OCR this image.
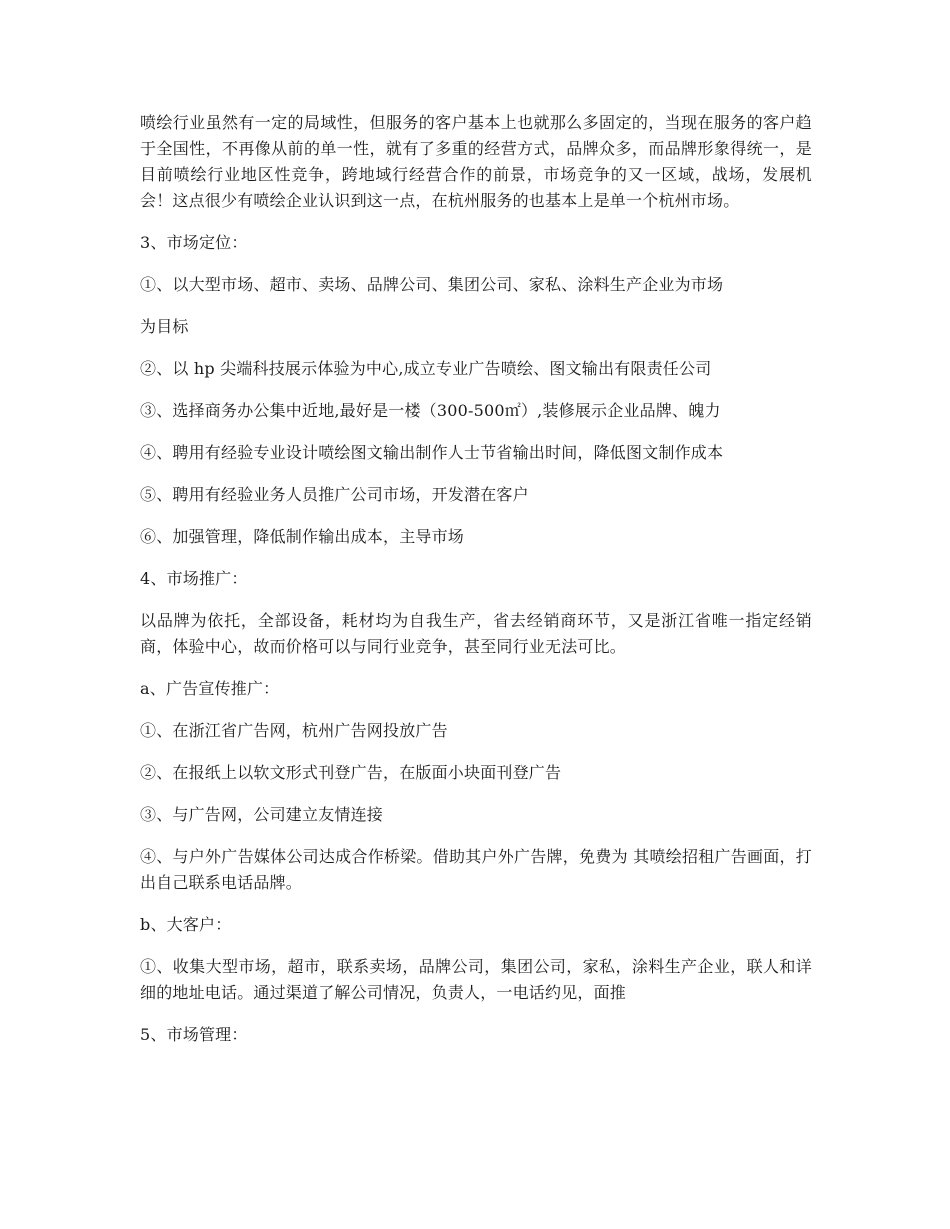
喷绘行业虽然有一定的局域性，但服务的客户基本上也就那么多固定的，当现在服务的客户趋于全国性，不再像从前的单一性，就有了多重的经营方式，品牌众多，而品牌形象得统一，是目前喷绘行业地区性竞争，跨地域行经营合作的前景，市场竞争的又一区域，战场，发展机会！这点很少有喷绘企业认识到这一点，在杭州服务的也基本上是单一个杭州市场。

3、市场定位：

①、以大型市场、超市、卖场、品牌公司、集团公司、家私、涂料生产企业为市场

为目标

②、以 hp 尖端科技展示体验为中心,成立专业广告喷绘、图文输出有限责任公司

③、选择商务办公集中近地,最好是一楼（300-500㎡）,装修展示企业品牌、魄力

④、聘用有经验专业设计喷绘图文输出制作人士节省输出时间，降低图文制作成本

⑤、聘用有经验业务人员推广公司市场，开发潜在客户

⑥、加强管理，降低制作输出成本，主导市场

4、市场推广：

以品牌为依托，全部设备，耗材均为自我生产，省去经销商环节，又是浙江省唯一指定经销商，体验中心，故而价格可以与同行业竞争，甚至同行业无法可比。

a、广告宣传推广：

①、在浙江省广告网，杭州广告网投放广告

②、在报纸上以软文形式刊登广告，在版面小块面刊登广告

③、与广告网，公司建立友情连接

④、与户外广告媒体公司达成合作桥梁。借助其户外广告牌，免费为 其喷绘招租广告画面，打出自己联系电话品牌。

b、大客户：

①、收集大型市场，超市，联系卖场，品牌公司，集团公司，家私，涂料生产企业，联人和详细的地址电话。通过渠道了解公司情况，负责人，一电话约见，面推

5、市场管理：
